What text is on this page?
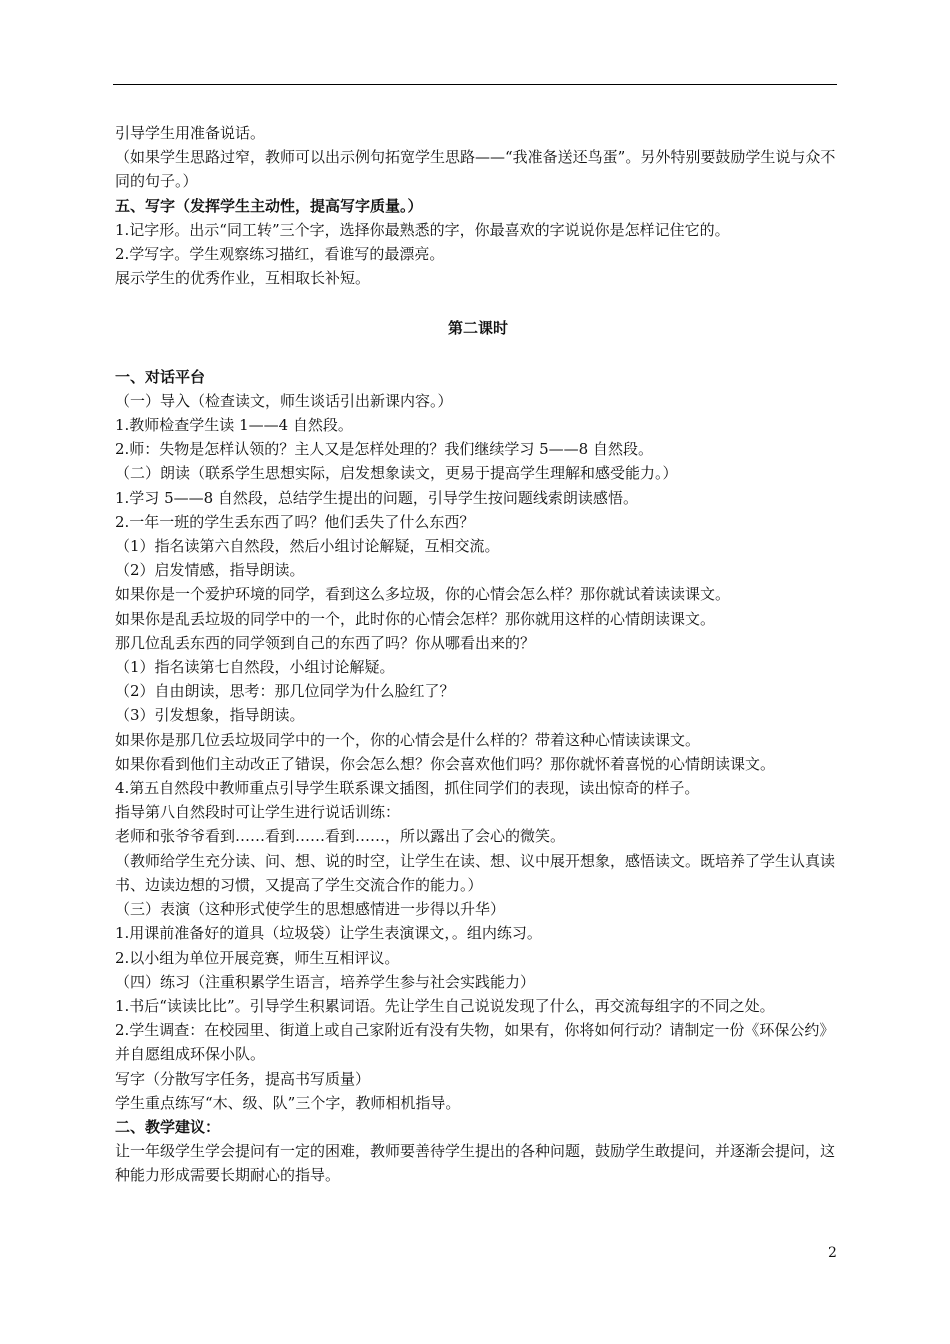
引导学生用准备说话。
（如果学生思路过窄，教师可以出示例句拓宽学生思路——“我准备送还鸟蛋”。另外特别要鼓励学生说与众不同的句子。）
五、写字（发挥学生主动性，提高写字质量。）
1.记字形。出示“同工转”三个字，选择你最熟悉的字，你最喜欢的字说说你是怎样记住它的。
2.学写字。学生观察练习描红，看谁写的最漂亮。
展示学生的优秀作业，互相取长补短。
第二课时
一、对话平台
（一）导入（检查读文，师生谈话引出新课内容。）
1.教师检查学生读 1——4 自然段。
2.师：失物是怎样认领的？主人又是怎样处理的？我们继续学习 5——8 自然段。
（二）朗读（联系学生思想实际，启发想象读文，更易于提高学生理解和感受能力。）
1.学习 5——8 自然段，总结学生提出的问题，引导学生按问题线索朗读感悟。
2.一年一班的学生丢东西了吗？他们丢失了什么东西？
（1）指名读第六自然段，然后小组讨论解疑，互相交流。
（2）启发情感，指导朗读。
如果你是一个爱护环境的同学，看到这么多垃圾，你的心情会怎么样？那你就试着读读课文。
如果你是乱丢垃圾的同学中的一个，此时你的心情会怎样？那你就用这样的心情朗读课文。
那几位乱丢东西的同学领到自己的东西了吗？你从哪看出来的？
（1）指名读第七自然段，小组讨论解疑。
（2）自由朗读，思考：那几位同学为什么脸红了？
（3）引发想象，指导朗读。
如果你是那几位丢垃圾同学中的一个，你的心情会是什么样的？带着这种心情读读课文。
如果你看到他们主动改正了错误，你会怎么想？你会喜欢他们吗？那你就怀着喜悦的心情朗读课文。
4.第五自然段中教师重点引导学生联系课文插图，抓住同学们的表现，读出惊奇的样子。
指导第八自然段时可让学生进行说话训练：
老师和张爷爷看到……看到……看到……，所以露出了会心的微笑。
（教师给学生充分读、问、想、说的时空，让学生在读、想、议中展开想象，感悟读文。既培养了学生认真读书、边读边想的习惯，又提高了学生交流合作的能力。）
（三）表演（这种形式使学生的思想感情进一步得以升华）
1.用课前准备好的道具（垃圾袋）让学生表演课文，。组内练习。
2.以小组为单位开展竞赛，师生互相评议。
（四）练习（注重积累学生语言，培养学生参与社会实践能力）
1.书后“读读比比”。引导学生积累词语。先让学生自己说说发现了什么，再交流每组字的不同之处。
2.学生调查：在校园里、街道上或自己家附近有没有失物，如果有，你将如何行动？请制定一份《环保公约》并自愿组成环保小队。
写字（分散写字任务，提高书写质量）
学生重点练写“木、级、队”三个字，教师相机指导。
二、教学建议：
让一年级学生学会提问有一定的困难，教师要善待学生提出的各种问题，鼓励学生敢提问，并逐渐会提问，这种能力形成需要长期耐心的指导。
2
